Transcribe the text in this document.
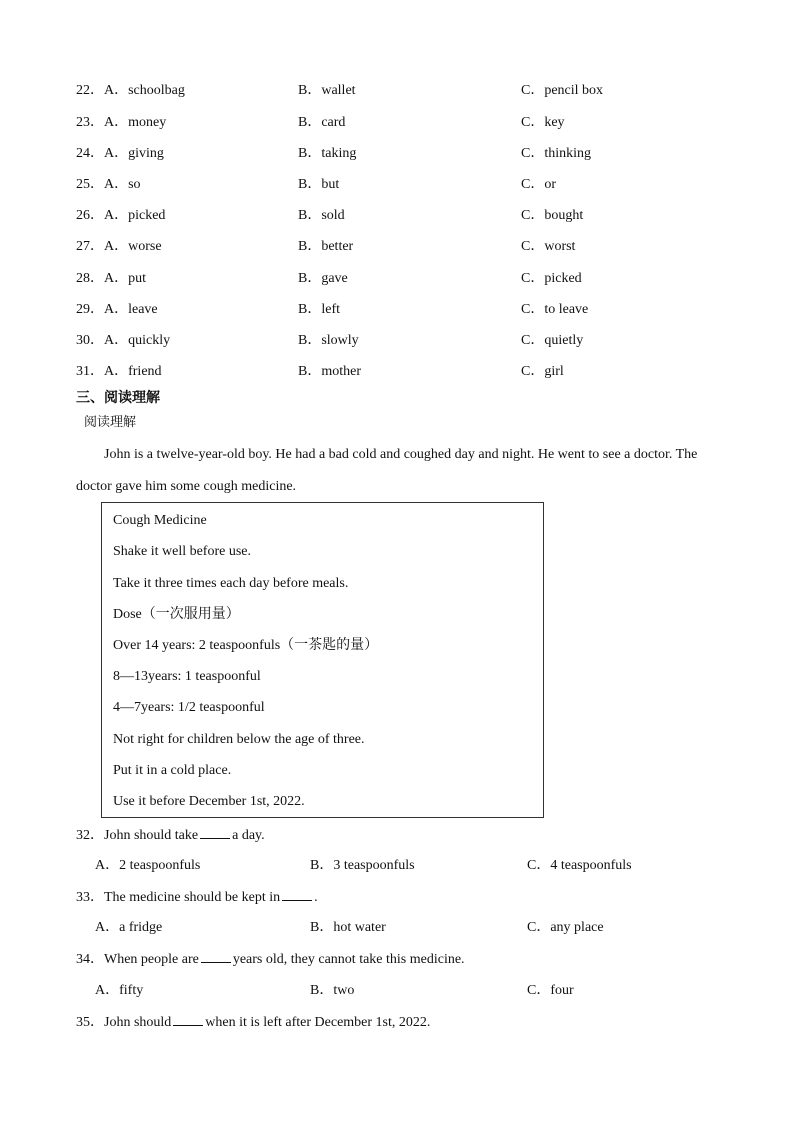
22． A．schoolbag	B．wallet	C．pencil box
23． A．money	B．card	C．key
24． A．giving	B．taking	C．thinking
25． A．so	B．but	C．or
26． A．picked	B．sold	C．bought
27． A．worse	B．better	C．worst
28． A．put	B．gave	C．picked
29． A．leave	B．left	C．to leave
30． A．quickly	B．slowly	C．quietly
31． A．friend	B．mother	C．girl
三、阅读理解
阅读理解
John is a twelve-year-old boy. He had a bad cold and coughed day and night. He went to see a doctor. The
doctor gave him some cough medicine.
Cough Medicine
Shake it well before use.
Take it three times each day before meals.
Dose（一次服用量）
Over 14 years: 2 teaspoonfuls（一茶匙的量）
8—13years: 1 teaspoonful
4—7years: 1/2 teaspoonful
Not right for children below the age of three.
Put it in a cold place.
Use it before December 1st, 2022.
32．John should take a day.
A．2 teaspoonfuls	B．3 teaspoonfuls	C．4 teaspoonfuls
33．The medicine should be kept in .
A．a fridge	B．hot water	C．any place
34．When people are years old, they cannot take this medicine.
A．fifty	B．two	C．four
35．John should when it is left after December 1st, 2022.
